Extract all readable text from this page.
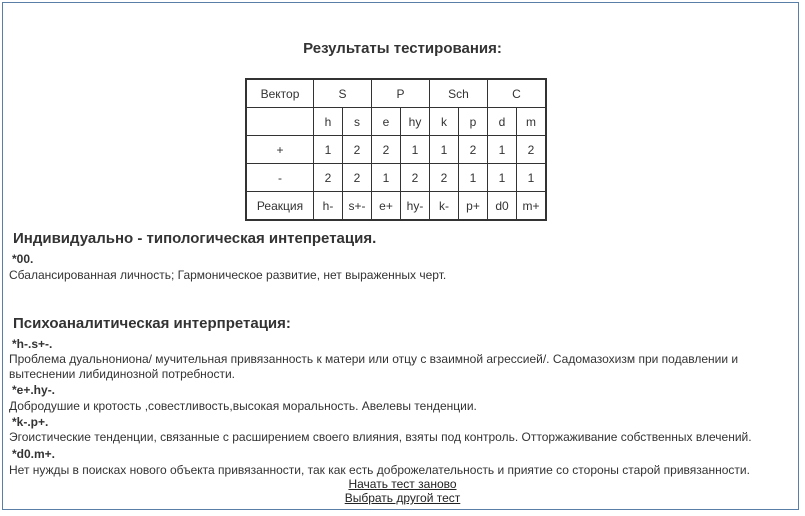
Результаты тестирования:
Вектор	S		P		Sch		C	
	h	s	e	hy	k	p	d	m
+	1	2	2	1	1	2	1	2
-	2	2	1	2	2	1	1	1
Реакция	h-	s+-	e+	hy-	k-	p+	d0	m+
Индивидуально - типологическая интепретация.
*00.
Сбалансированная личность; Гармоническое развитие, нет выраженных черт.
Психоаналитическая интерпретация:
*h-.s+-.
Проблема дуальнониона/ мучительная привязанность к матери или отцу с взаимной агрессией/. Садомазохизм при подавлении и вытеснении либидинозной потребности.
*e+.hy-.
Добродушие и кротость ,совестливость,высокая моральность. Авелевы тенденции.
*k-.p+.
Эгоистические тенденции, связанные с расширением своего влияния, взяты под контроль. Отторжаживание собственных влечений.
*d0.m+.
Нет нужды в поисках нового объекта привязанности, так как есть доброжелательность и приятие со стороны старой привязанности.
Начать тест заново
Выбрать другой тест
